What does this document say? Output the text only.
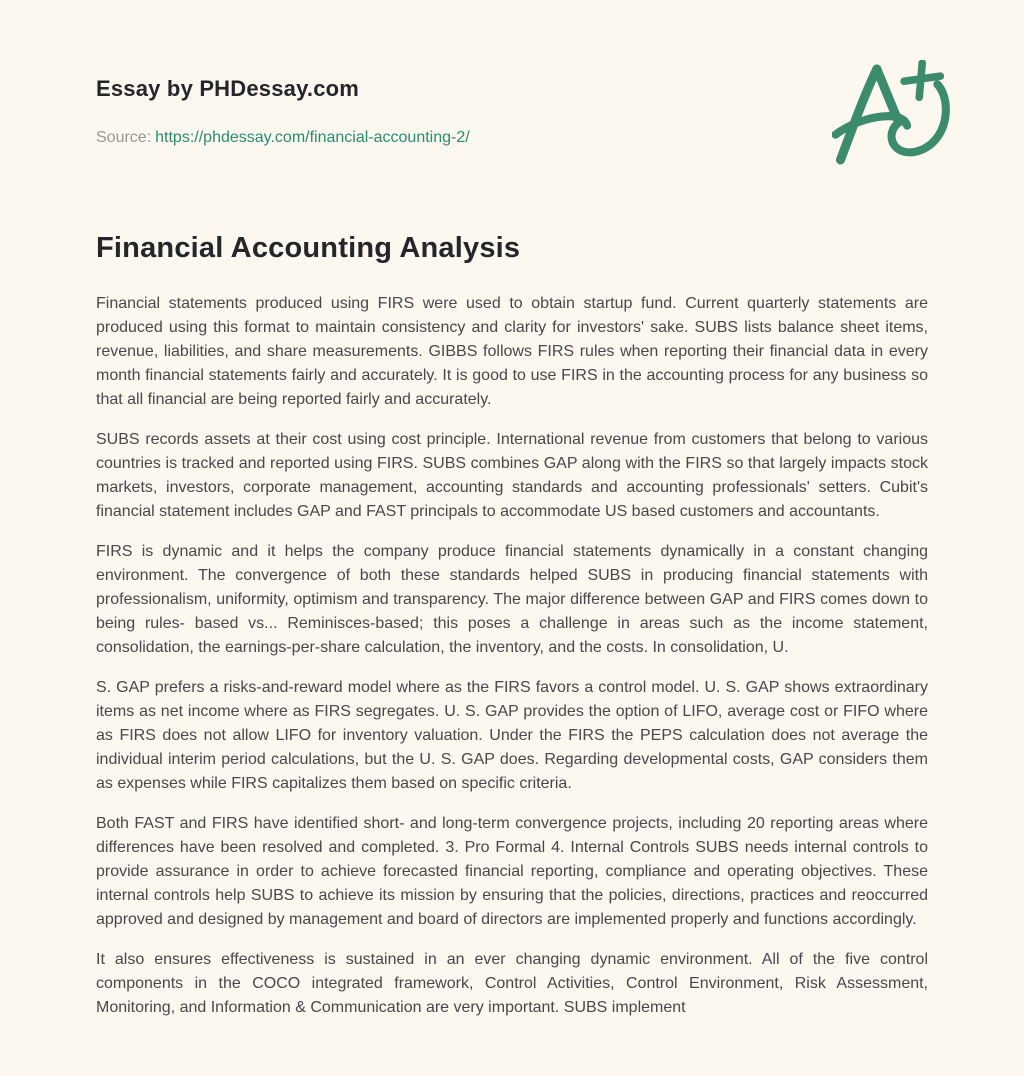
Essay by PHDessay.com
Source: https://phdessay.com/financial-accounting-2/
Financial Accounting Analysis

Financial statements produced using FIRS were used to obtain startup fund. Current quarterly statements are produced using this format to maintain consistency and clarity for investors' sake. SUBS lists balance sheet items, revenue, liabilities, and share measurements. GIBBS follows FIRS rules when reporting their financial data in every month financial statements fairly and accurately. It is good to use FIRS in the accounting process for any business so that all financial are being reported fairly and accurately.

SUBS records assets at their cost using cost principle. International revenue from customers that belong to various countries is tracked and reported using FIRS. SUBS combines GAP along with the FIRS so that largely impacts stock markets, investors, corporate management, accounting standards and accounting professionals' setters. Cubit's financial statement includes GAP and FAST principals to accommodate US based customers and accountants.

FIRS is dynamic and it helps the company produce financial statements dynamically in a constant changing environment. The convergence of both these standards helped SUBS in producing financial statements with professionalism, uniformity, optimism and transparency. The major difference between GAP and FIRS comes down to being rules- based vs... Reminisces-based; this poses a challenge in areas such as the income statement, consolidation, the earnings-per-share calculation, the inventory, and the costs. In consolidation, U.

S. GAP prefers a risks-and-reward model where as the FIRS favors a control model. U. S. GAP shows extraordinary items as net income where as FIRS segregates. U. S. GAP provides the option of LIFO, average cost or FIFO where as FIRS does not allow LIFO for inventory valuation. Under the FIRS the PEPS calculation does not average the individual interim period calculations, but the U. S. GAP does. Regarding developmental costs, GAP considers them as expenses while FIRS capitalizes them based on specific criteria.

Both FAST and FIRS have identified short- and long-term convergence projects, including 20 reporting areas where differences have been resolved and completed. 3. Pro Formal 4. Internal Controls SUBS needs internal controls to provide assurance in order to achieve forecasted financial reporting, compliance and operating objectives. These internal controls help SUBS to achieve its mission by ensuring that the policies, directions, practices and reoccurred approved and designed by management and board of directors are implemented properly and functions accordingly.

It also ensures effectiveness is sustained in an ever changing dynamic environment. All of the five control components in the COCO integrated framework, Control Activities, Control Environment, Risk Assessment, Monitoring, and Information & Communication are very important. SUBS implement
